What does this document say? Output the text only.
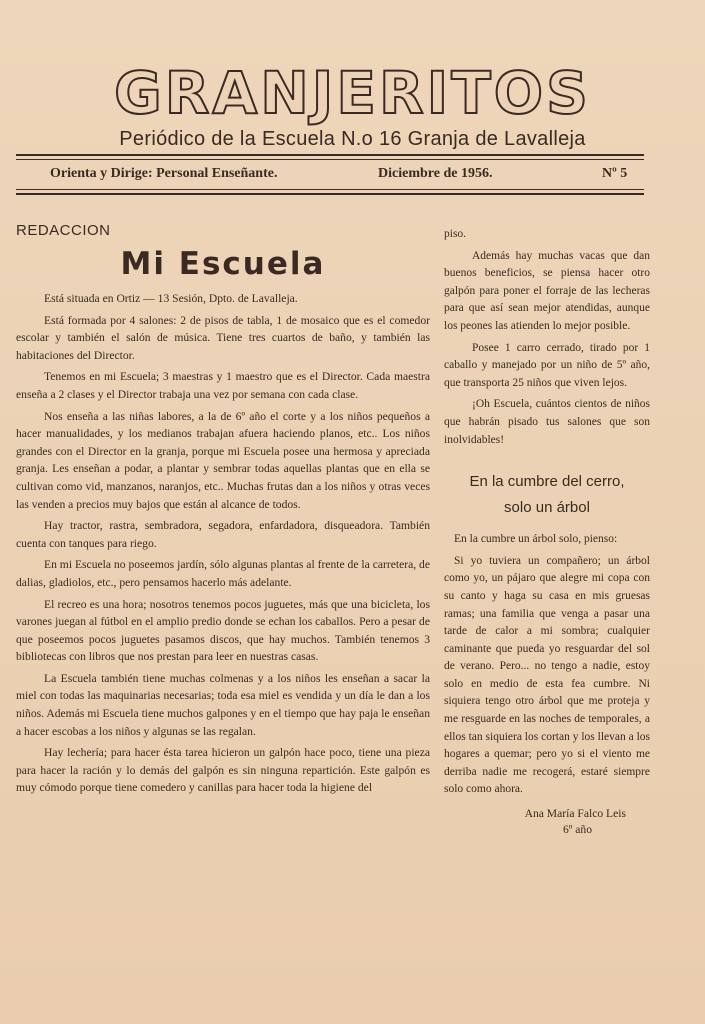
GRANJERITOS
Periódico de la Escuela N.o 16 Granja de Lavalleja
Orienta y Dirige: Personal Enseñante.	Diciembre de 1956.	Nº 5
REDACCION
Mi Escuela

Está situada en Ortiz — 13 Sesión, Dpto. de Lavalleja.

Está formada por 4 salones: 2 de pisos de tabla, 1 de mosaico que es el comedor escolar y también el salón de música. Tiene tres cuartos de baño, y también las habitaciones del Director.

Tenemos en mi Escuela; 3 maestras y 1 maestro que es el Director. Cada maestra enseña a 2 clases y el Director trabaja una vez por semana con cada clase.

Nos enseña a las niñas labores, a la de 6º año el corte y a los niños pequeños a hacer manualidades, y los medianos trabajan afuera haciendo planos, etc.. Los niños grandes con el Director en la granja, porque mi Escuela posee una hermosa y apreciada granja. Les enseñan a podar, a plantar y sembrar todas aquellas plantas que en ella se cultivan como vid, manzanos, naranjos, etc.. Muchas frutas dan a los niños y otras veces las venden a precios muy bajos que están al alcance de todos.

Hay tractor, rastra, sembradora, segadora, enfardadora, disqueadora. También cuenta con tanques para riego.

En mi Escuela no poseemos jardín, sólo algunas plantas al frente de la carretera, de dalias, gladiolos, etc., pero pensamos hacerlo más adelante.

El recreo es una hora; nosotros tenemos pocos juguetes, más que una bicicleta, los varones juegan al fútbol en el amplio predio donde se echan los caballos. Pero a pesar de que poseemos pocos juguetes pasamos discos, que hay muchos. También tenemos 3 bibliotecas con libros que nos prestan para leer en nuestras casas.

La Escuela también tiene muchas colmenas y a los niños les enseñan a sacar la miel con todas las maquinarias necesarias; toda esa miel es vendida y un día le dan a los niños. Además mi Escuela tiene muchos galpones y en el tiempo que hay paja le enseñan a hacer escobas a los niños y algunas se las regalan.

Hay lechería; para hacer ésta tarea hicieron un galpón hace poco, tiene una pieza para hacer la ración y lo demás del galpón es sin ninguna repartición. Este galpón es muy cómodo porque tiene comedero y canillas para hacer toda la higiene del

piso.

Además hay muchas vacas que dan buenos beneficios, se piensa hacer otro galpón para poner el forraje de las lecheras para que así sean mejor atendidas, aunque los peones las atienden lo mejor posible.

Posee 1 carro cerrado, tirado por 1 caballo y manejado por un niño de 5º año, que transporta 25 niños que viven lejos.

¡Oh Escuela, cuántos cientos de niños que habrán pisado tus salones que son inolvidables!

En la cumbre del cerro,
solo un árbol

En la cumbre un árbol solo, pienso:

Si yo tuviera un compañero; un árbol como yo, un pájaro que alegre mi copa con su canto y haga su casa en mis gruesas ramas; una familia que venga a pasar una tarde de calor a mi sombra; cualquier caminante que pueda yo resguardar del sol de verano. Pero... no tengo a nadie, estoy solo en medio de esta fea cumbre. Ni siquiera tengo otro árbol que me proteja y me resguarde en las noches de temporales, a ellos tan siquiera los cortan y los llevan a los hogares a quemar; pero yo si el viento me derriba nadie me recogerá, estaré siempre solo como ahora.

Ana María Falco Leis
6º año
